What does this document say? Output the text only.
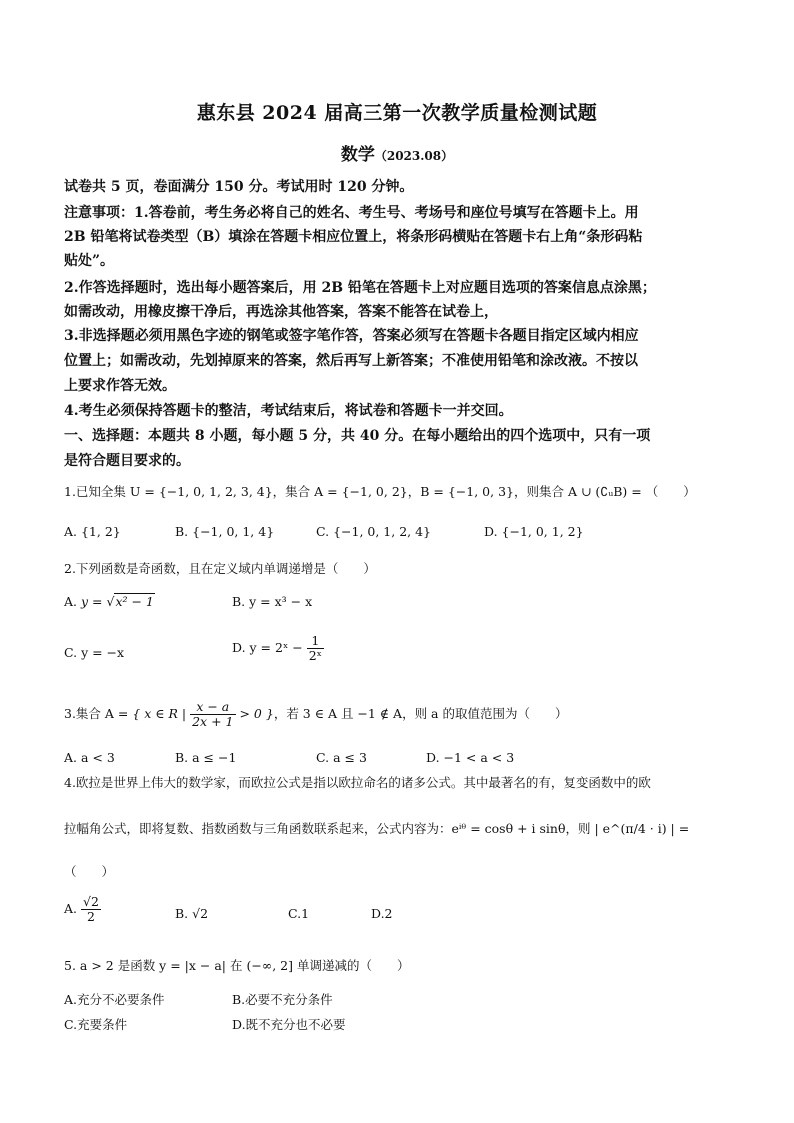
惠东县 2024 届高三第一次教学质量检测试题
数学（2023.08）
试卷共 5 页，卷面满分 150 分。考试用时 120 分钟。
注意事项：1.答卷前，考生务必将自己的姓名、考生号、考场号和座位号填写在答题卡上。用
2B 铅笔将试卷类型（B）填涂在答题卡相应位置上，将条形码横贴在答题卡右上角“条形码粘
贴处”。
2.作答选择题时，选出每小题答案后，用 2B 铅笔在答题卡上对应题目选项的答案信息点涂黑；
如需改动，用橡皮擦干净后，再选涂其他答案，答案不能答在试卷上，
3.非选择题必须用黑色字迹的钢笔或签字笔作答，答案必须写在答题卡各题目指定区域内相应
位置上；如需改动，先划掉原来的答案，然后再写上新答案；不准使用铅笔和涂改液。不按以
上要求作答无效。
4.考生必须保持答题卡的整洁，考试结束后，将试卷和答题卡一并交回。
一、选择题：本题共 8 小题，每小题 5 分，共 40 分。在每小题给出的四个选项中，只有一项
是符合题目要求的。
1.已知全集 U = {−1, 0, 1, 2, 3, 4}，集合 A = {−1, 0, 2}，B = {−1, 0, 3}，则集合 A ∪ (∁ᵤB) = （　　）
A. {1, 2}	B. {−1, 0, 1, 4}	C. {−1, 0, 1, 2, 4}	D. {−1, 0, 1, 2}
2.下列函数是奇函数，且在定义域内单调递增是（　　）
A. y = √x² − 1	B. y = x³ − x
C. y = −x	D. y = 2ˣ − $\frac{1}{\text{2ˣ}}$
3.集合 A = { x ∈ R | $\frac{x - a}{2x + 1} > 0$ }，若 3 ∈ A 且 −1 ∉ A，则 a 的取值范围为（　　）
A. a < 3	B. a ≤ −1	C. a ≤ 3	D. −1 < a < 3
4.欧拉是世界上伟大的数学家，而欧拉公式是指以欧拉命名的诸多公式。其中最著名的有，复变函数中的欧
拉幅角公式，即将复数、指数函数与三角函数联系起来，公式内容为：eⁱᶿ = cosθ + i sinθ，则 | e^(π/4 · i) | =
（　　）
A. $\frac{√2}{2}$	B. √2	C.1	D.2
5. a > 2 是函数 y = |x − a| 在 (−∞, 2] 单调递减的（　　）
A.充分不必要条件	B.必要不充分条件
C.充要条件	D.既不充分也不必要
